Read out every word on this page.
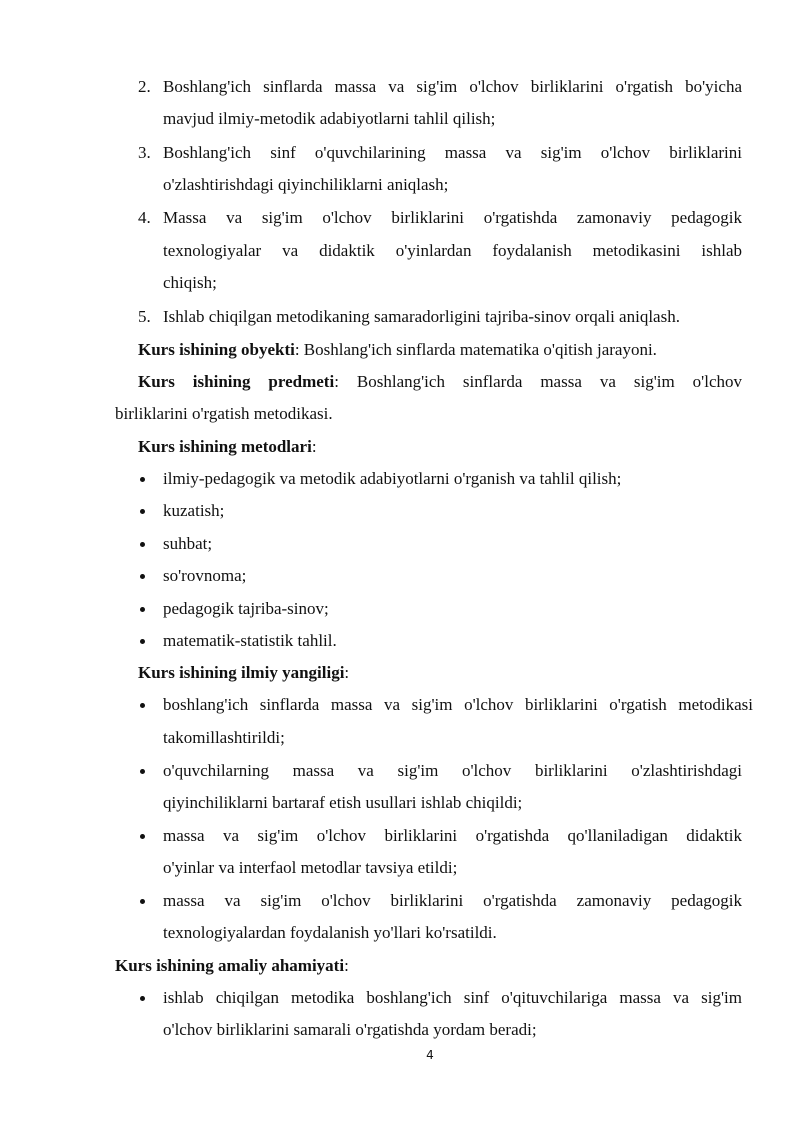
2. Boshlang'ich sinflarda massa va sig'im o'lchov birliklarini o'rgatish bo'yicha
mavjud ilmiy-metodik adabiyotlarni tahlil qilish;
3. Boshlang'ich sinf o'quvchilarining massa va sig'im o'lchov birliklarini
o'zlashtirishdagi qiyinchiliklarni aniqlash;
4. Massa va sig'im o'lchov birliklarini o'rgatishda zamonaviy pedagogik
texnologiyalar va didaktik o'yinlardan foydalanish metodikasini ishlab
chiqish;
5. Ishlab chiqilgan metodikaning samaradorligini tajriba-sinov orqali aniqlash.
Kurs ishining obyekti: Boshlang'ich sinflarda matematika o'qitish jarayoni.
Kurs ishining predmeti: Boshlang'ich sinflarda massa va sig'im o'lchov
birliklarini o'rgatish metodikasi.
Kurs ishining metodlari:
ilmiy-pedagogik va metodik adabiyotlarni o'rganish va tahlil qilish;
kuzatish;
suhbat;
so'rovnoma;
pedagogik tajriba-sinov;
matematik-statistik tahlil.
Kurs ishining ilmiy yangiligi:
boshlang'ich sinflarda massa va sig'im o'lchov birliklarini o'rgatish metodikasi
takomillashtirildi;
o'quvchilarning massa va sig'im o'lchov birliklarini o'zlashtirishdagi
qiyinchiliklarni bartaraf etish usullari ishlab chiqildi;
massa va sig'im o'lchov birliklarini o'rgatishda qo'llaniladigan didaktik
o'yinlar va interfaol metodlar tavsiya etildi;
massa va sig'im o'lchov birliklarini o'rgatishda zamonaviy pedagogik
texnologiyalardan foydalanish yo'llari ko'rsatildi.
Kurs ishining amaliy ahamiyati:
ishlab chiqilgan metodika boshlang'ich sinf o'qituvchilariga massa va sig'im
o'lchov birliklarini samarali o'rgatishda yordam beradi;
4
